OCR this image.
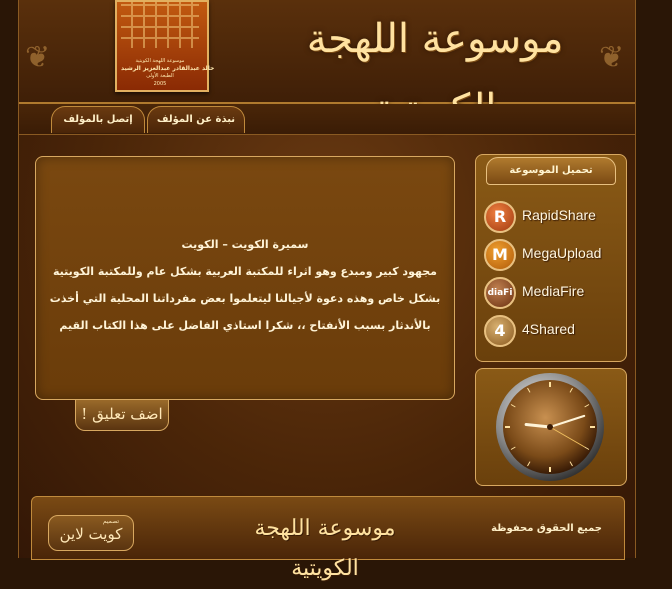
❦	❦
موسوعة اللهجة الكويتية
خالد عبدالقادر عبدالعزيز الرشيد
الطبعة الأولى
2005
موسوعة اللهجة
نبذة عن المؤلف
إتصل بالمؤلف
سميرة الكويت – الكويت
مجهود كبير ومبدع وهو اثراء للمكتبة العربية بشكل عام وللمكتبة الكويتية
بشكل خاص وهذه دعوة لأجيالنا ليتعلموا بعض مفرداتنا المحلية التي أخذت
بالأندثار بسبب الأنفتاح ،، شكرا استاذي الفاضل على هذا الكتاب القيم
اضف تعليق !
تحميل الموسوعة
R	RapidShare
M	MegaUpload
diaFi MediaFire
4	4Shared
جميع الحقوق محفوظة
موسوعة اللهجة الكويتية
تصميم
كويت لاين
